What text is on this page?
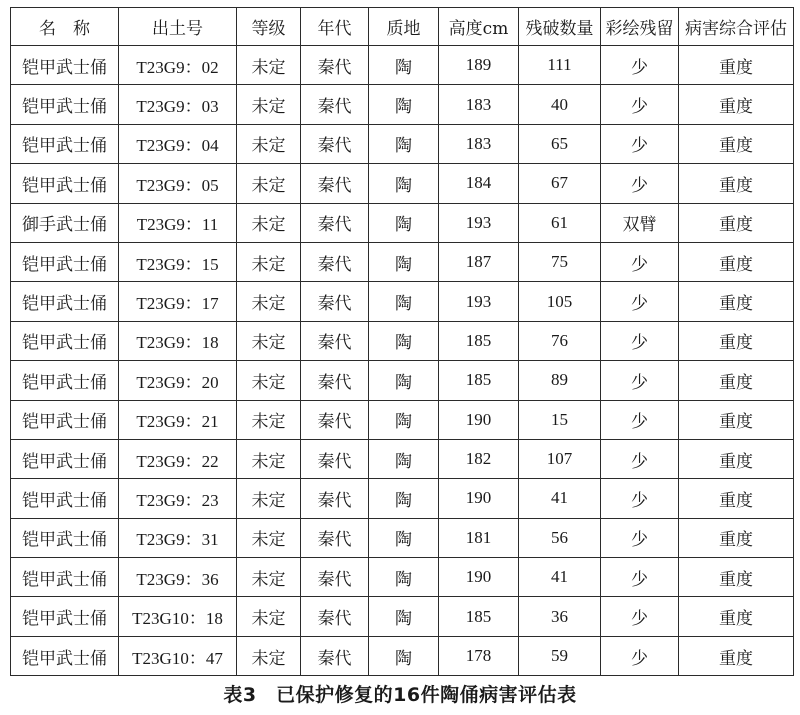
名　称	出土号	等级	年代	质地	高度cm	残破数量	彩绘残留	病害综合评估
铠甲武士俑	T23G9：02	未定	秦代	陶	189	111	少	重度
铠甲武士俑	T23G9：03	未定	秦代	陶	183	40	少	重度
铠甲武士俑	T23G9：04	未定	秦代	陶	183	65	少	重度
铠甲武士俑	T23G9：05	未定	秦代	陶	184	67	少	重度
御手武士俑	T23G9：11	未定	秦代	陶	193	61	双臂	重度
铠甲武士俑	T23G9：15	未定	秦代	陶	187	75	少	重度
铠甲武士俑	T23G9：17	未定	秦代	陶	193	105	少	重度
铠甲武士俑	T23G9：18	未定	秦代	陶	185	76	少	重度
铠甲武士俑	T23G9：20	未定	秦代	陶	185	89	少	重度
铠甲武士俑	T23G9：21	未定	秦代	陶	190	15	少	重度
铠甲武士俑	T23G9：22	未定	秦代	陶	182	107	少	重度
铠甲武士俑	T23G9：23	未定	秦代	陶	190	41	少	重度
铠甲武士俑	T23G9：31	未定	秦代	陶	181	56	少	重度
铠甲武士俑	T23G9：36	未定	秦代	陶	190	41	少	重度
铠甲武士俑	T23G10：18	未定	秦代	陶	185	36	少	重度
铠甲武士俑	T23G10：47	未定	秦代	陶	178	59	少	重度
表3　已保护修复的16件陶俑病害评估表
